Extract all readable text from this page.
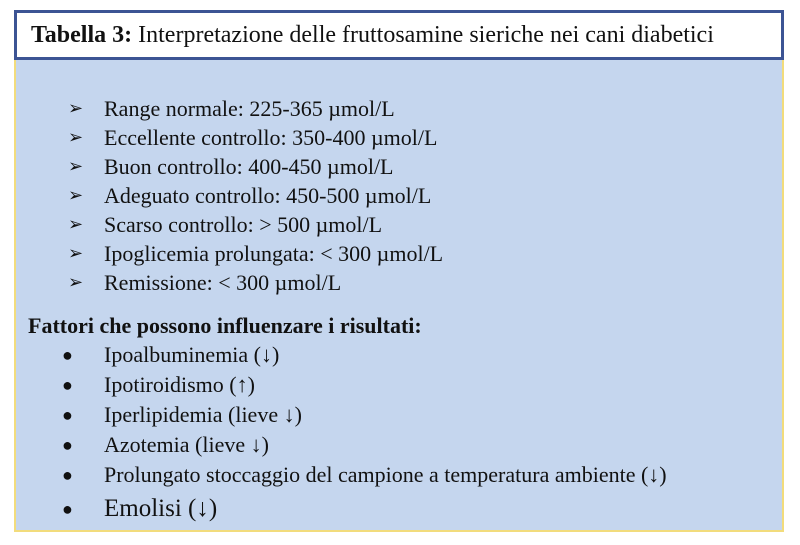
Tabella 3: Interpretazione delle fruttosamine sieriche nei cani diabetici
➢ Range normale: 225-365 µmol/L
➢ Eccellente controllo: 350-400 µmol/L
➢ Buon controllo: 400-450 µmol/L
➢ Adeguato controllo: 450-500 µmol/L
➢ Scarso controllo: > 500 µmol/L
➢ Ipoglicemia prolungata: < 300 µmol/L
➢ Remissione: < 300 µmol/L
Fattori che possono influenzare i risultati:
●	Ipoalbuminemia (↓)
●	Ipotiroidismo (↑)
●	Iperlipidemia (lieve ↓)
●	Azotemia (lieve ↓)
●	Prolungato stoccaggio del campione a temperatura ambiente (↓)
●	Emolisi (↓)
